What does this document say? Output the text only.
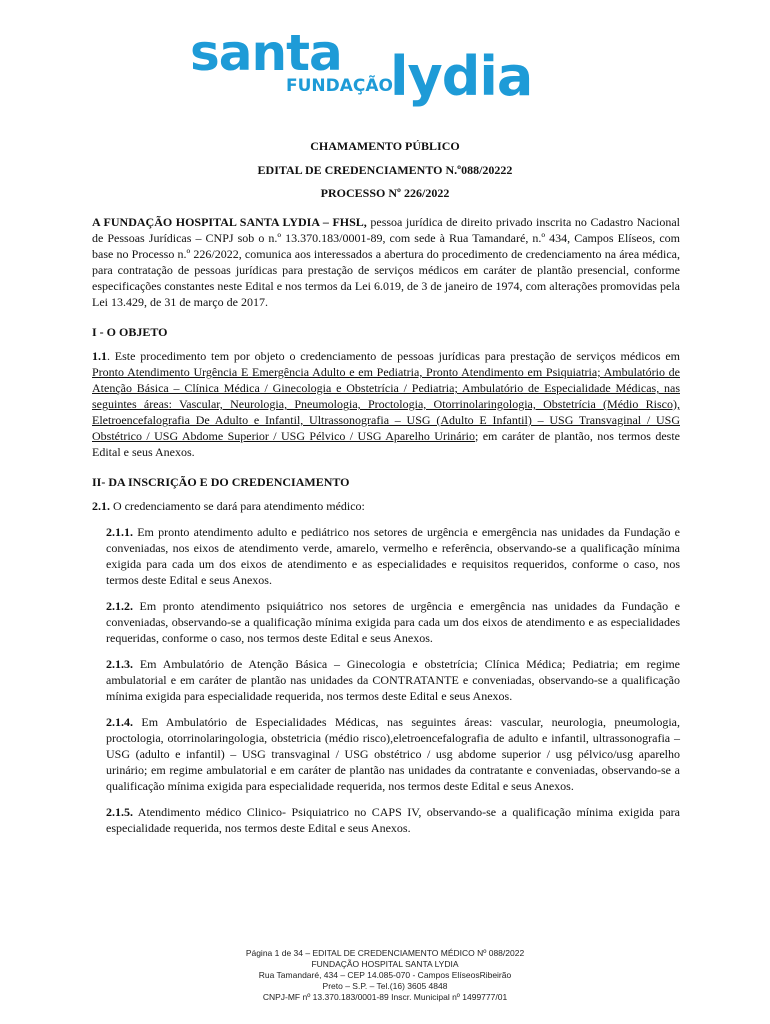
santa
FUNDAÇÃO
lydia
CHAMAMENTO PÚBLICO
EDITAL DE CREDENCIAMENTO N.º088/20222
PROCESSO Nº 226/2022

A FUNDAÇÃO HOSPITAL SANTA LYDIA – FHSL, pessoa jurídica de direito privado inscrita no Cadastro Nacional de Pessoas Jurídicas – CNPJ sob o n.º 13.370.183/0001-89, com sede à Rua Tamandaré, n.º 434, Campos Elíseos, com base no Processo n.º 226/2022, comunica aos interessados a abertura do procedimento de credenciamento na área médica, para contratação de pessoas jurídicas para prestação de serviços médicos em caráter de plantão presencial, conforme especificações constantes neste Edital e nos termos da Lei 6.019, de 3 de janeiro de 1974, com alterações promovidas pela Lei 13.429, de 31 de março de 2017.

I - O OBJETO

1.1. Este procedimento tem por objeto o credenciamento de pessoas jurídicas para prestação de serviços médicos em Pronto Atendimento Urgência E Emergência Adulto e em Pediatria, Pronto Atendimento em Psiquiatria; Ambulatório de Atenção Básica – Clínica Médica / Ginecologia e Obstetrícia / Pediatria; Ambulatório de Especialidade Médicas, nas seguintes áreas: Vascular, Neurologia, Pneumologia, Proctologia, Otorrinolaringologia, Obstetrícia (Médio Risco), Eletroencefalografia De Adulto e Infantil, Ultrassonografia – USG (Adulto E Infantil) – USG Transvaginal / USG Obstétrico / USG Abdome Superior / USG Pélvico / USG Aparelho Urinário; em caráter de plantão, nos termos deste Edital e seus Anexos.

II- DA INSCRIÇÃO E DO CREDENCIAMENTO

2.1. O credenciamento se dará para atendimento médico:

2.1.1. Em pronto atendimento adulto e pediátrico nos setores de urgência e emergência nas unidades da Fundação e conveniadas, nos eixos de atendimento verde, amarelo, vermelho e referência, observando-se a qualificação mínima exigida para cada um dos eixos de atendimento e as especialidades e requisitos requeridos, conforme o caso, nos termos deste Edital e seus Anexos.

2.1.2. Em pronto atendimento psiquiátrico nos setores de urgência e emergência nas unidades da Fundação e conveniadas, observando-se a qualificação mínima exigida para cada um dos eixos de atendimento e as especialidades requeridas, conforme o caso, nos termos deste Edital e seus Anexos.

2.1.3. Em Ambulatório de Atenção Básica – Ginecologia e obstetrícia; Clínica Médica; Pediatria; em regime ambulatorial e em caráter de plantão nas unidades da CONTRATANTE e conveniadas, observando-se a qualificação mínima exigida para especialidade requerida, nos termos deste Edital e seus Anexos.

2.1.4. Em Ambulatório de Especialidades Médicas, nas seguintes áreas: vascular, neurologia, pneumologia, proctologia, otorrinolaringologia, obstetricia (médio risco),eletroencefalografia de adulto e infantil, ultrassonografia – USG (adulto e infantil) – USG transvaginal / USG obstétrico / usg abdome superior / usg pélvico/usg aparelho urinário; em regime ambulatorial e em caráter de plantão nas unidades da contratante e conveniadas, observando-se a qualificação mínima exigida para especialidade requerida, nos termos deste Edital e seus Anexos.

2.1.5. Atendimento médico Clinico- Psiquiatrico no CAPS IV, observando-se a qualificação mínima exigida para especialidade requerida, nos termos deste Edital e seus Anexos.

Página 1 de 34 – EDITAL DE CREDENCIAMENTO MÉDICO Nº 088/2022
FUNDAÇÃO HOSPITAL SANTA LYDIA
Rua Tamandaré, 434 – CEP 14.085-070 - Campos ElíseosRibeirão
Preto – S.P. – Tel.(16) 3605 4848
CNPJ-MF nº 13.370.183/0001-89 Inscr. Municipal nº 1499777/01
